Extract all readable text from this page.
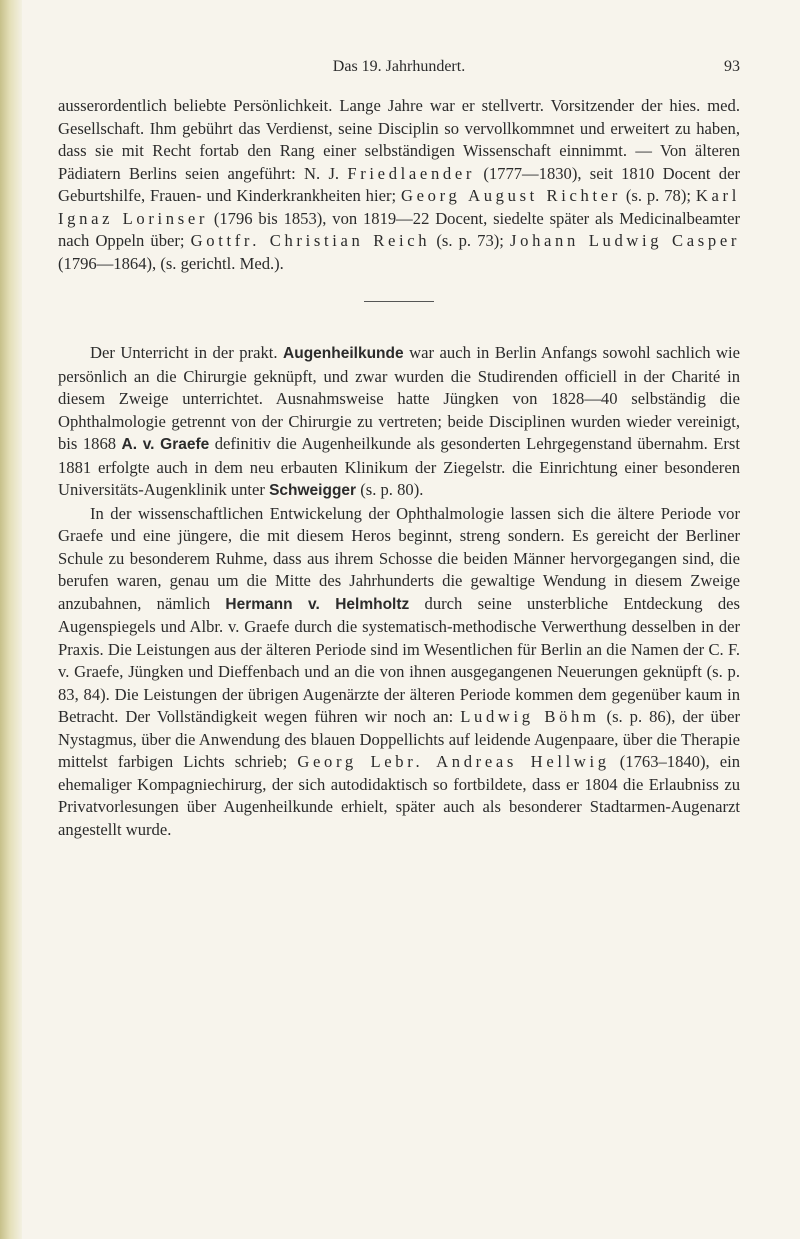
Das 19. Jahrhundert.	93

ausserordentlich beliebte Persönlichkeit. Lange Jahre war er stellvertr. Vorsitzender der hies. med. Gesellschaft. Ihm gebührt das Verdienst, seine Disciplin so vervollkommnet und erweitert zu haben, dass sie mit Recht fortab den Rang einer selbständigen Wissenschaft einnimmt. — Von älteren Pädiatern Berlins seien angeführt: N. J. Friedlaender (1777—1830), seit 1810 Docent der Geburtshilfe, Frauen- und Kinderkrankheiten hier; Georg August Richter (s. p. 78); Karl Ignaz Lorinser (1796 bis 1853), von 1819—22 Docent, siedelte später als Medicinalbeamter nach Oppeln über; Gottfr. Christian Reich (s. p. 73); Johann Ludwig Casper (1796—1864), (s. gerichtl. Med.).

Der Unterricht in der prakt. Augenheilkunde war auch in Berlin Anfangs sowohl sachlich wie persönlich an die Chirurgie geknüpft, und zwar wurden die Studirenden officiell in der Charité in diesem Zweige unterrichtet. Ausnahmsweise hatte Jüngken von 1828—40 selbständig die Ophthalmologie getrennt von der Chirurgie zu vertreten; beide Disciplinen wurden wieder vereinigt, bis 1868 A. v. Graefe definitiv die Augenheilkunde als gesonderten Lehrgegenstand übernahm. Erst 1881 erfolgte auch in dem neu erbauten Klinikum der Ziegelstr. die Einrichtung einer besonderen Universitäts-Augenklinik unter Schweigger (s. p. 80).

In der wissenschaftlichen Entwickelung der Ophthalmologie lassen sich die ältere Periode vor Graefe und eine jüngere, die mit diesem Heros beginnt, streng sondern. Es gereicht der Berliner Schule zu besonderem Ruhme, dass aus ihrem Schosse die beiden Männer hervorgegangen sind, die berufen waren, genau um die Mitte des Jahrhunderts die gewaltige Wendung in diesem Zweige anzubahnen, nämlich Hermann v. Helmholtz durch seine unsterbliche Entdeckung des Augenspiegels und Albr. v. Graefe durch die systematisch-methodische Verwerthung desselben in der Praxis. Die Leistungen aus der älteren Periode sind im Wesentlichen für Berlin an die Namen der C. F. v. Graefe, Jüngken und Dieffenbach und an die von ihnen ausgegangenen Neuerungen geknüpft (s. p. 83, 84). Die Leistungen der übrigen Augenärzte der älteren Periode kommen dem gegenüber kaum in Betracht. Der Vollständigkeit wegen führen wir noch an: Ludwig Böhm (s. p. 86), der über Nystagmus, über die Anwendung des blauen Doppellichts auf leidende Augenpaare, über die Therapie mittelst farbigen Lichts schrieb; Georg Lebr. Andreas Hellwig (1763–1840), ein ehemaliger Kompagniechirurg, der sich autodidaktisch so fortbildete, dass er 1804 die Erlaubniss zu Privatvorlesungen über Augenheilkunde erhielt, später auch als besonderer Stadtarmen-Augenarzt angestellt wurde.
